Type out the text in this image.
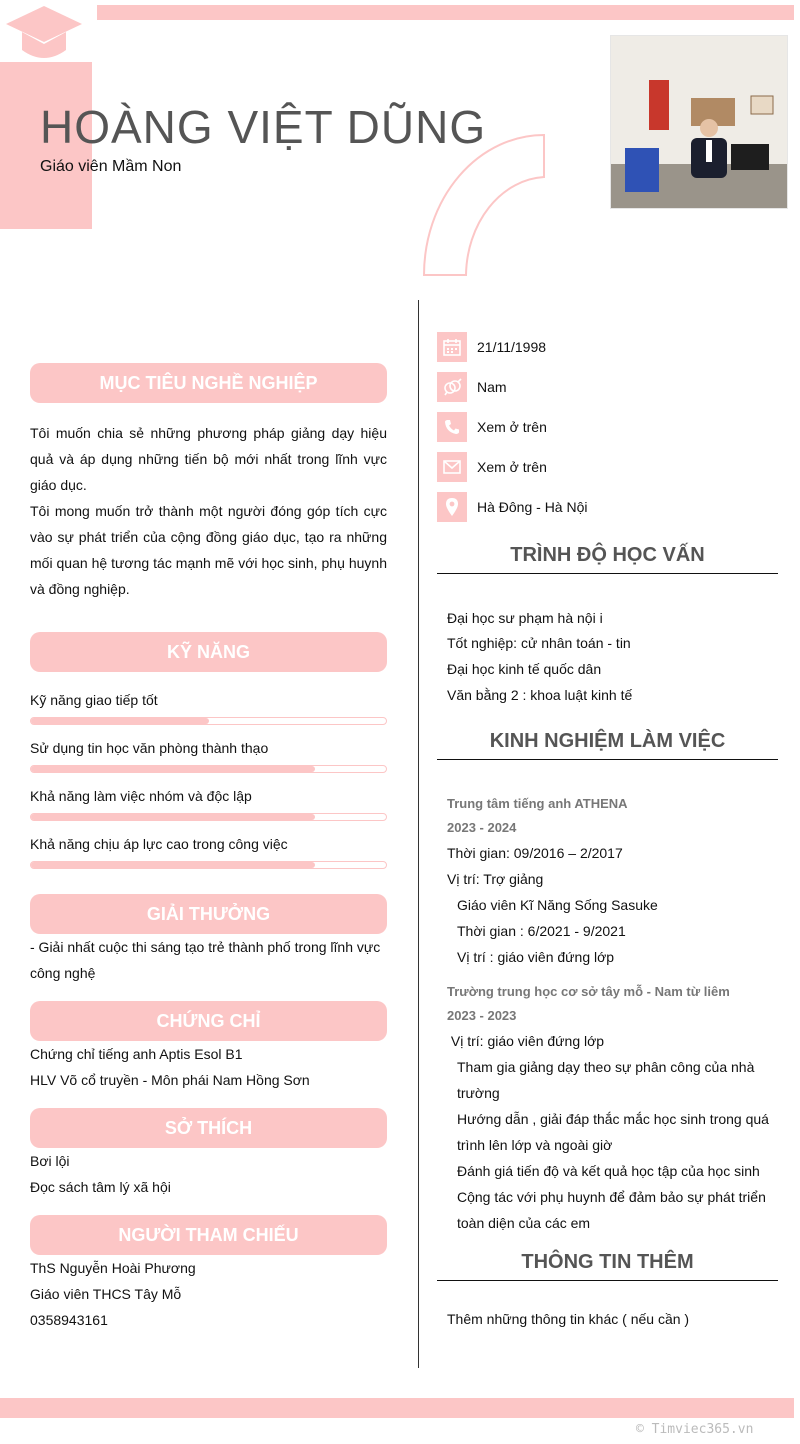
HOÀNG VIỆT DŨNG
Giáo viên Mầm Non
MỤC TIÊU NGHỀ NGHIỆP

Tôi muốn chia sẻ những phương pháp giảng dạy hiệu quả và áp dụng những tiến bộ mới nhất trong lĩnh vực giáo dục.
Tôi mong muốn trở thành một người đóng góp tích cực vào sự phát triển của cộng đồng giáo dục, tạo ra những mối quan hệ tương tác mạnh mẽ với học sinh, phụ huynh và đồng nghiệp.

KỸ NĂNG
Kỹ năng giao tiếp tốt
Sử dụng tin học văn phòng thành thạo
Khả năng làm việc nhóm và độc lập
Khả năng chịu áp lực cao trong công việc
GIẢI THƯỞNG

- Giải nhất cuộc thi sáng tạo trẻ thành phố trong lĩnh vực công nghệ

CHỨNG CHỈ
Chứng chỉ tiếng anh Aptis Esol B1
HLV Võ cổ truyền - Môn phái Nam Hồng Sơn
SỞ THÍCH
Bơi lội
Đọc sách tâm lý xã hội
NGƯỜI THAM CHIẾU
ThS Nguyễn Hoài Phương
Giáo viên THCS Tây Mỗ
0358943161
21/11/1998
Nam
Xem ở trên
Xem ở trên
Hà Đông - Hà Nội
TRÌNH ĐỘ HỌC VẤN
Đại học sư phạm hà nội i
Tốt nghiệp: cử nhân toán - tin
Đại học kinh tế quốc dân
Văn bằng 2 : khoa luật kinh tế
KINH NGHIỆM LÀM VIỆC
Trung tâm tiếng anh ATHENA
2023 - 2024
Thời gian: 09/2016 – 2/2017
Vị trí: Trợ giảng
Giáo viên Kĩ Năng Sống Sasuke
Thời gian : 6/2021 - 9/2021
Vị trí : giáo viên đứng lớp
Trường trung học cơ sở tây mỗ - Nam từ liêm
2023 - 2023
Vị trí: giáo viên đứng lớp
Tham gia giảng dạy theo sự phân công của nhà trường
Hướng dẫn , giải đáp thắc mắc học sinh trong quá trình lên lớp và ngoài giờ
Đánh giá tiến độ và kết quả học tập của học sinh
Cộng tác với phụ huynh để đảm bảo sự phát triển toàn diện của các em
THÔNG TIN THÊM
Thêm những thông tin khác ( nếu cần )
© Timviec365.vn
